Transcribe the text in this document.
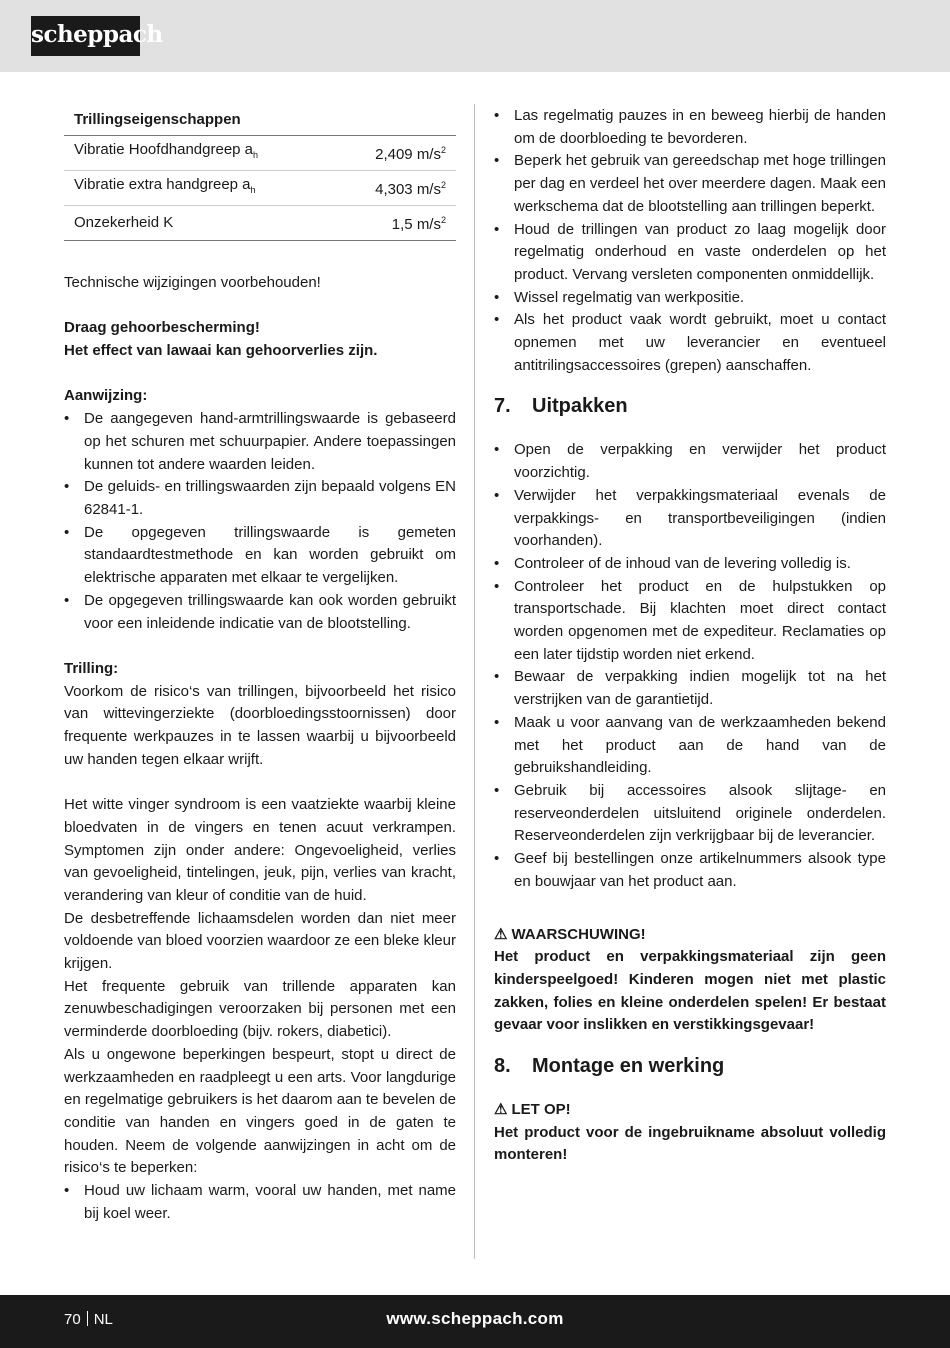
scheppach
Trillingseigenschappen
Vibratie Hoofdhandgreep $a_h$	2,409 $m/s^2$
Vibratie extra handgreep $a_h$	4,303 $m/s^2$
Onzekerheid K	1,5 $m/s^2$

Technische wijzigingen voorbehouden!

Draag gehoorbescherming!

Het effect van lawaai kan gehoorverlies zijn.

Aanwijzing:

• De aangegeven hand-armtrillingswaarde is gebaseerd op het schuren met schuurpapier. Andere toepassingen kunnen tot andere waarden leiden.
• De geluids- en trillingswaarden zijn bepaald volgens EN 62841-1.
• De opgegeven trillingswaarde is gemeten standaardtestmethode en kan worden gebruikt om elektrische apparaten met elkaar te vergelijken.
• De opgegeven trillingswaarde kan ook worden gebruikt voor een inleidende indicatie van de blootstelling.

Trilling:

Voorkom de risico‘s van trillingen, bijvoorbeeld het risico van wittevingerziekte (doorbloedingsstoornissen) door frequente werkpauzes in te lassen waarbij u bijvoorbeeld uw handen tegen elkaar wrijft.

Het witte vinger syndroom is een vaatziekte waarbij kleine bloedvaten in de vingers en tenen acuut verkrampen. Symptomen zijn onder andere: Ongevoeligheid, verlies van gevoeligheid, tintelingen, jeuk, pijn, verlies van kracht, verandering van kleur of conditie van de huid.

De desbetreffende lichaamsdelen worden dan niet meer voldoende van bloed voorzien waardoor ze een bleke kleur krijgen.

Het frequente gebruik van trillende apparaten kan zenuwbeschadigingen veroorzaken bij personen met een verminderde doorbloeding (bijv. rokers, diabetici).

Als u ongewone beperkingen bespeurt, stopt u direct de werkzaamheden en raadpleegt u een arts. Voor langdurige en regelmatige gebruikers is het daarom aan te bevelen de conditie van handen en vingers goed in de gaten te houden. Neem de volgende aanwijzingen in acht om de risico‘s te beperken:

• Houd uw lichaam warm, vooral uw handen, met name bij koel weer.
• Las regelmatig pauzes in en beweeg hierbij de handen om de doorbloeding te bevorderen.
• Beperk het gebruik van gereedschap met hoge trillingen per dag en verdeel het over meerdere dagen. Maak een werkschema dat de blootstelling aan trillingen beperkt.
• Houd de trillingen van product zo laag mogelijk door regelmatig onderhoud en vaste onderdelen op het product. Vervang versleten componenten onmiddellijk.
• Wissel regelmatig van werkpositie.
• Als het product vaak wordt gebruikt, moet u contact opnemen met uw leverancier en eventueel antitrilingsaccessoires (grepen) aanschaffen.
7.	Uitpakken
• Open de verpakking en verwijder het product voorzichtig.
• Verwijder het verpakkingsmateriaal evenals de verpakkings- en transportbeveiligingen (indien voorhanden).
• Controleer of de inhoud van de levering volledig is.
• Controleer het product en de hulpstukken op transportschade. Bij klachten moet direct contact worden opgenomen met de expediteur. Reclamaties op een later tijdstip worden niet erkend.
• Bewaar de verpakking indien mogelijk tot na het verstrijken van de garantietijd.
• Maak u voor aanvang van de werkzaamheden bekend met het product aan de hand van de gebruikshandleiding.
• Gebruik bij accessoires alsook slijtage- en reserveonderdelen uitsluitend originele onderdelen. Reserveonderdelen zijn verkrijgbaar bij de leverancier.
• Geef bij bestellingen onze artikelnummers alsook type en bouwjaar van het product aan.

⚠ WAARSCHUWING!

Het product en verpakkingsmateriaal zijn geen kinderspeelgoed! Kinderen mogen niet met plastic zakken, folies en kleine onderdelen spelen! Er bestaat gevaar voor inslikken en verstikkingsgevaar!

8.	Montage en werking

⚠ LET OP!

Het product voor de ingebruikname absoluut volledig monteren!

70 NL	www.scheppach.com
